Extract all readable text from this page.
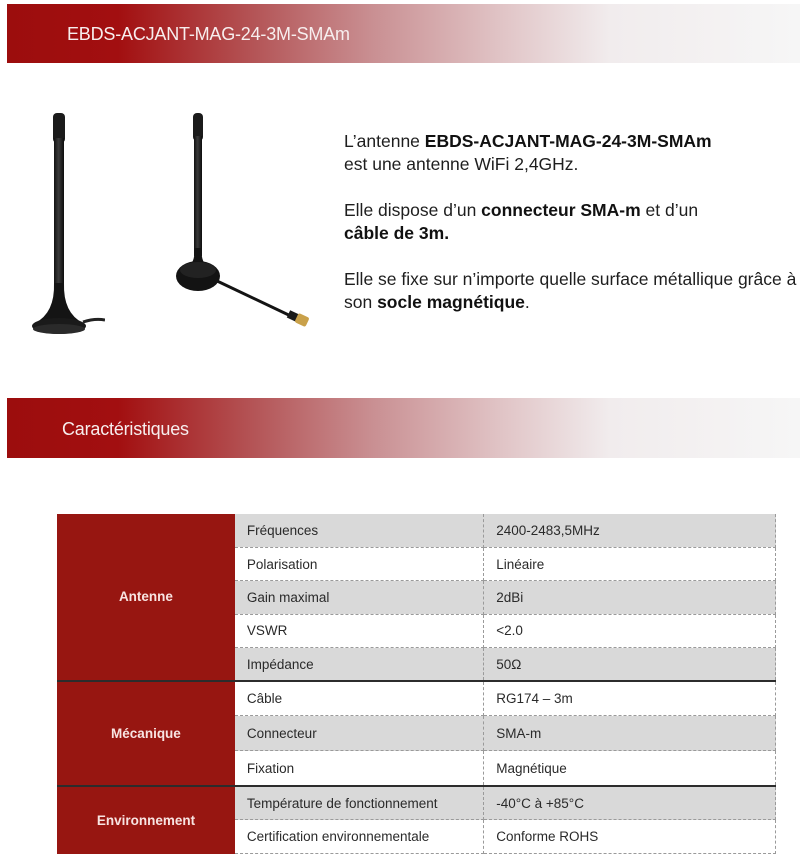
EBDS-ACJANT-MAG-24-3M-SMAm

L’antenne EBDS-ACJANT-MAG-24-3M-SMAm
est une antenne WiFi 2,4GHz.

Elle dispose d’un connecteur SMA-m et d’un
câble de 3m.

Elle se fixe sur n’importe quelle surface métallique grâce à son socle magnétique.

Caractéristiques
Antenne	Fréquences	2400-2483,5MHz
	Polarisation	Linéaire
	Gain maximal	2dBi
	VSWR	<2.0
	Impédance	50Ω
Mécanique	Câble	RG174 – 3m
	Connecteur	SMA-m
	Fixation	Magnétique
Environnement	Température de fonctionnement	-40°C à +85°C
	Certification environnementale	Conforme ROHS
